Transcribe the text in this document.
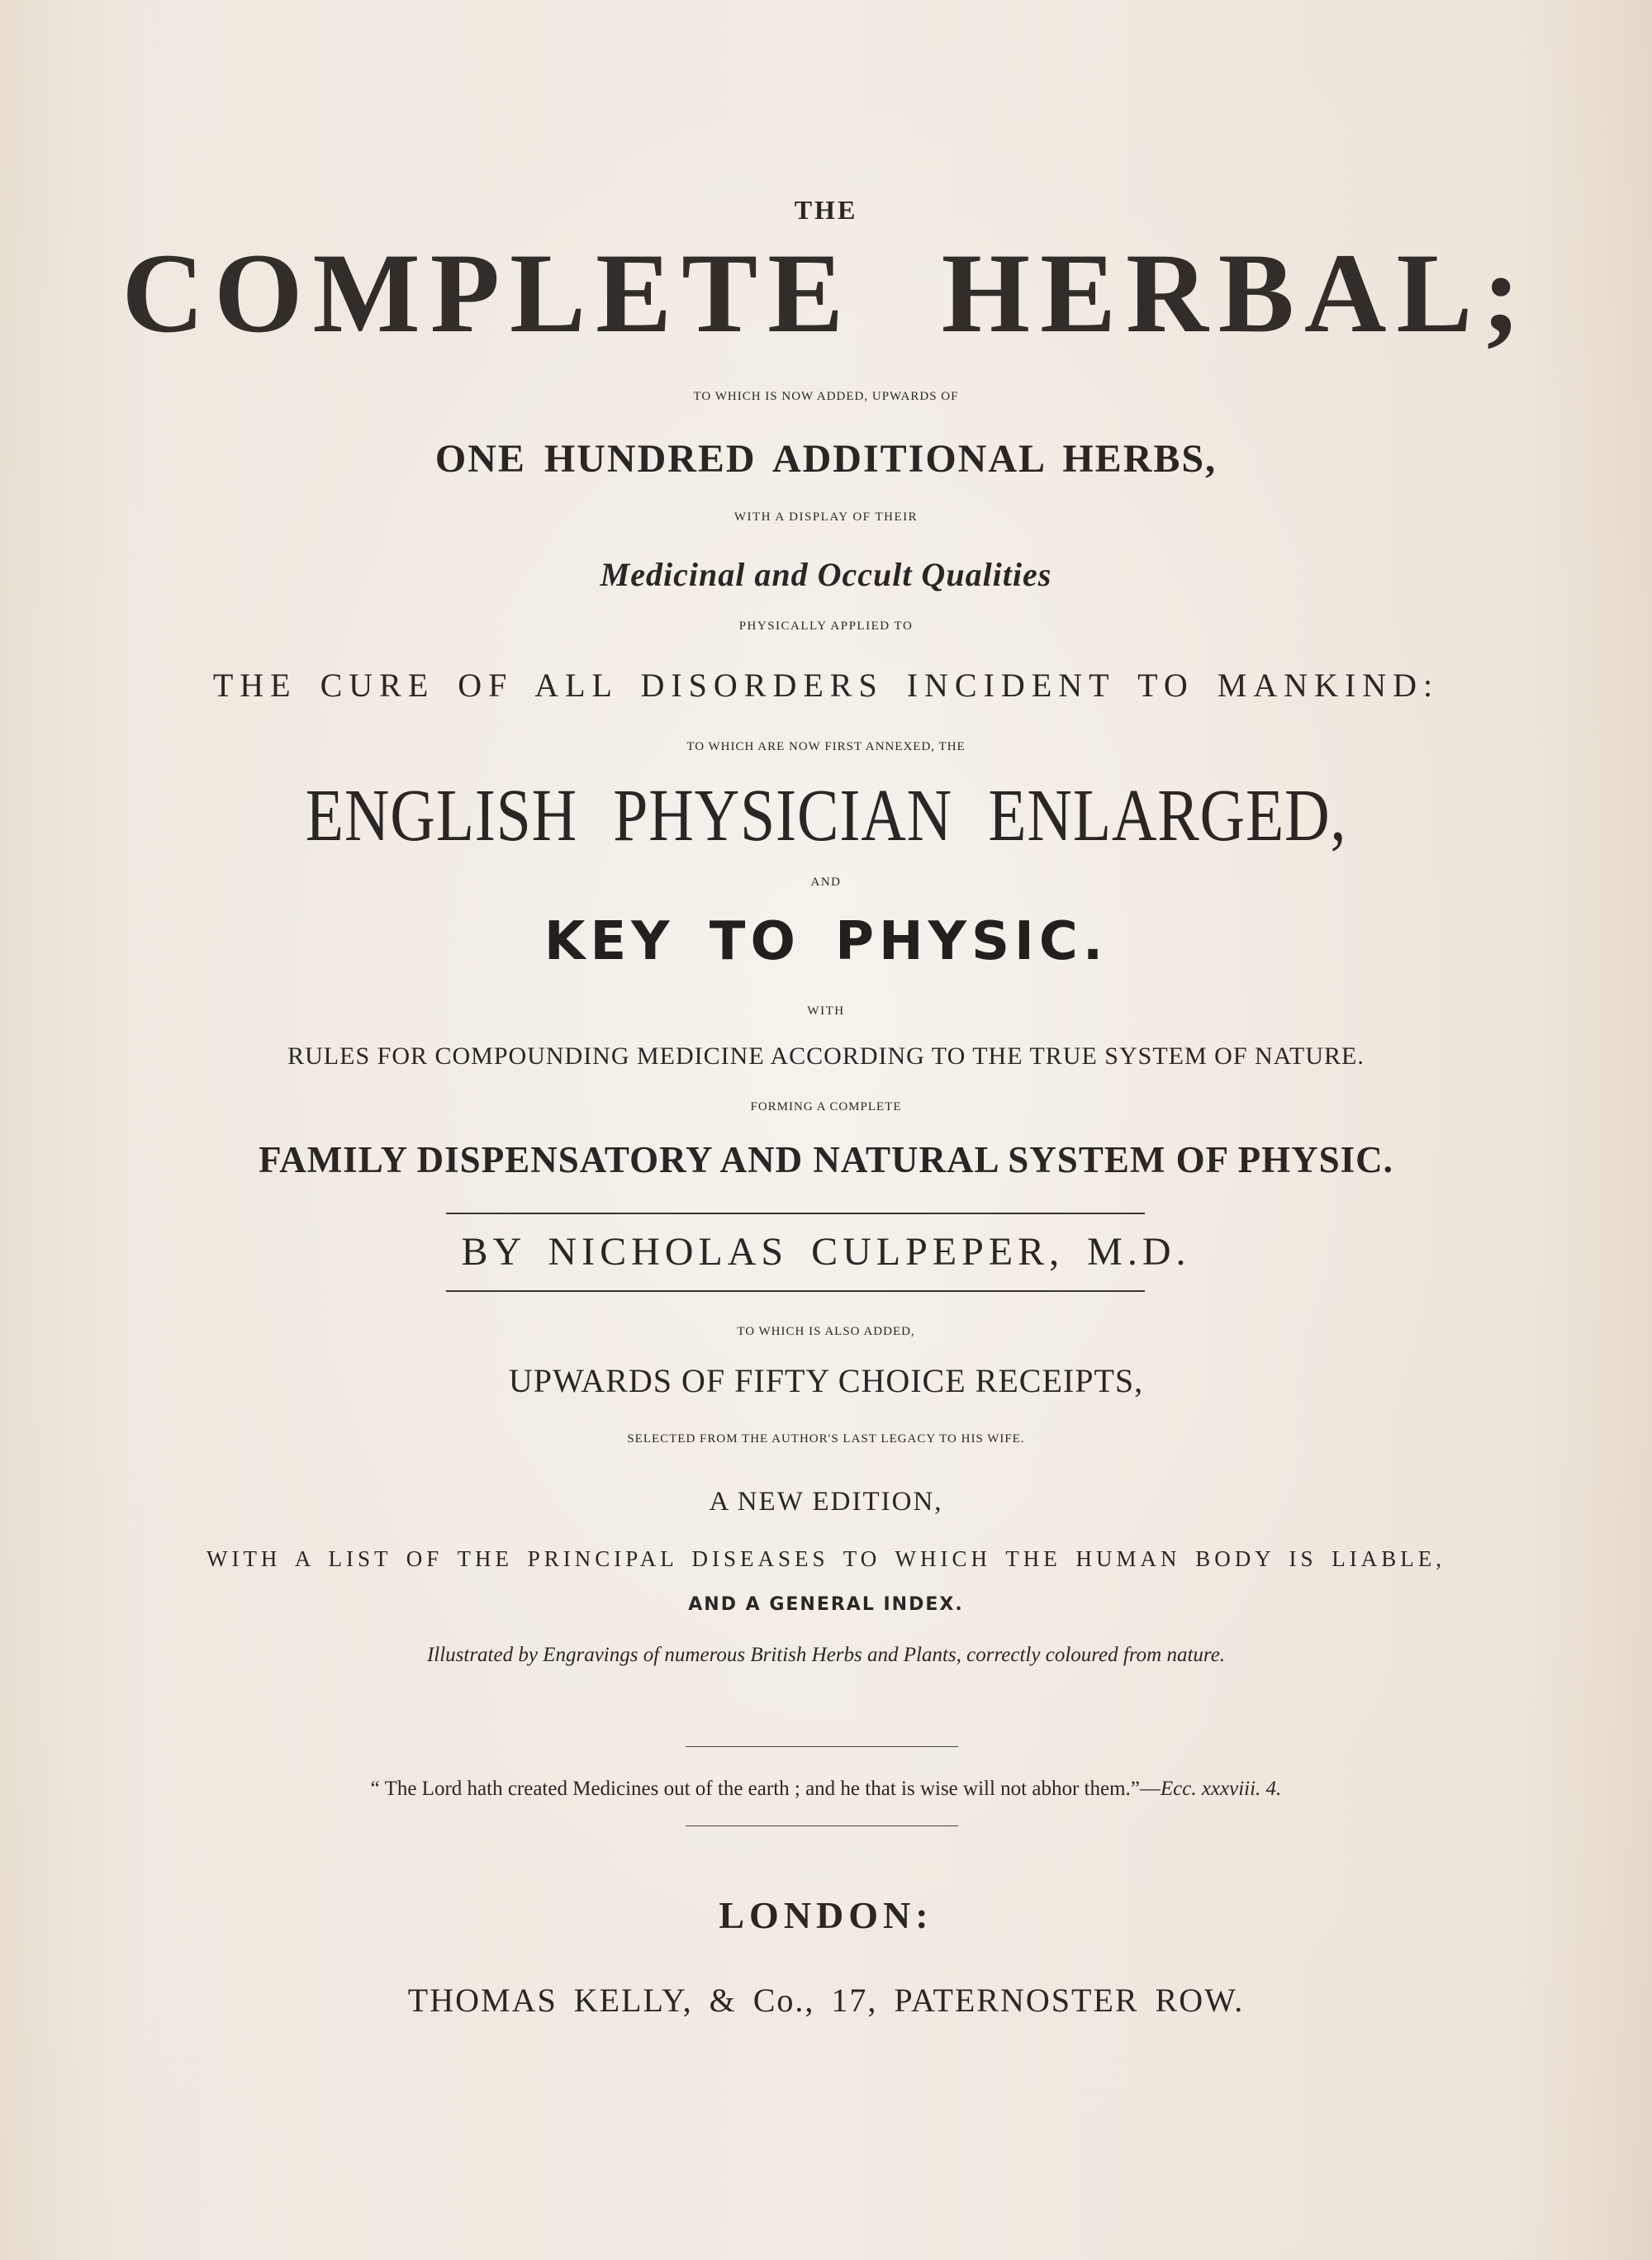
THE
COMPLETE HERBAL;
TO WHICH IS NOW ADDED, UPWARDS OF
ONE HUNDRED ADDITIONAL HERBS,
WITH A DISPLAY OF THEIR
Medicinal and Occult Qualities
PHYSICALLY APPLIED TO
THE CURE OF ALL DISORDERS INCIDENT TO MANKIND:
TO WHICH ARE NOW FIRST ANNEXED, THE
ENGLISH PHYSICIAN ENLARGED,
AND
KEY TO PHYSIC.
WITH
RULES FOR COMPOUNDING MEDICINE ACCORDING TO THE TRUE SYSTEM OF NATURE.
FORMING A COMPLETE
FAMILY DISPENSATORY AND NATURAL SYSTEM OF PHYSIC.
BY NICHOLAS CULPEPER, M.D.
TO WHICH IS ALSO ADDED,
UPWARDS OF FIFTY CHOICE RECEIPTS,
SELECTED FROM THE AUTHOR'S LAST LEGACY TO HIS WIFE.
A NEW EDITION,
WITH A LIST OF THE PRINCIPAL DISEASES TO WHICH THE HUMAN BODY IS LIABLE,
AND A GENERAL INDEX.
Illustrated by Engravings of numerous British Herbs and Plants, correctly coloured from nature.
“ The Lord hath created Medicines out of the earth ; and he that is wise will not abhor them.”—Ecc. xxxviii. 4.
LONDON:
THOMAS KELLY, & Co., 17, PATERNOSTER ROW.
